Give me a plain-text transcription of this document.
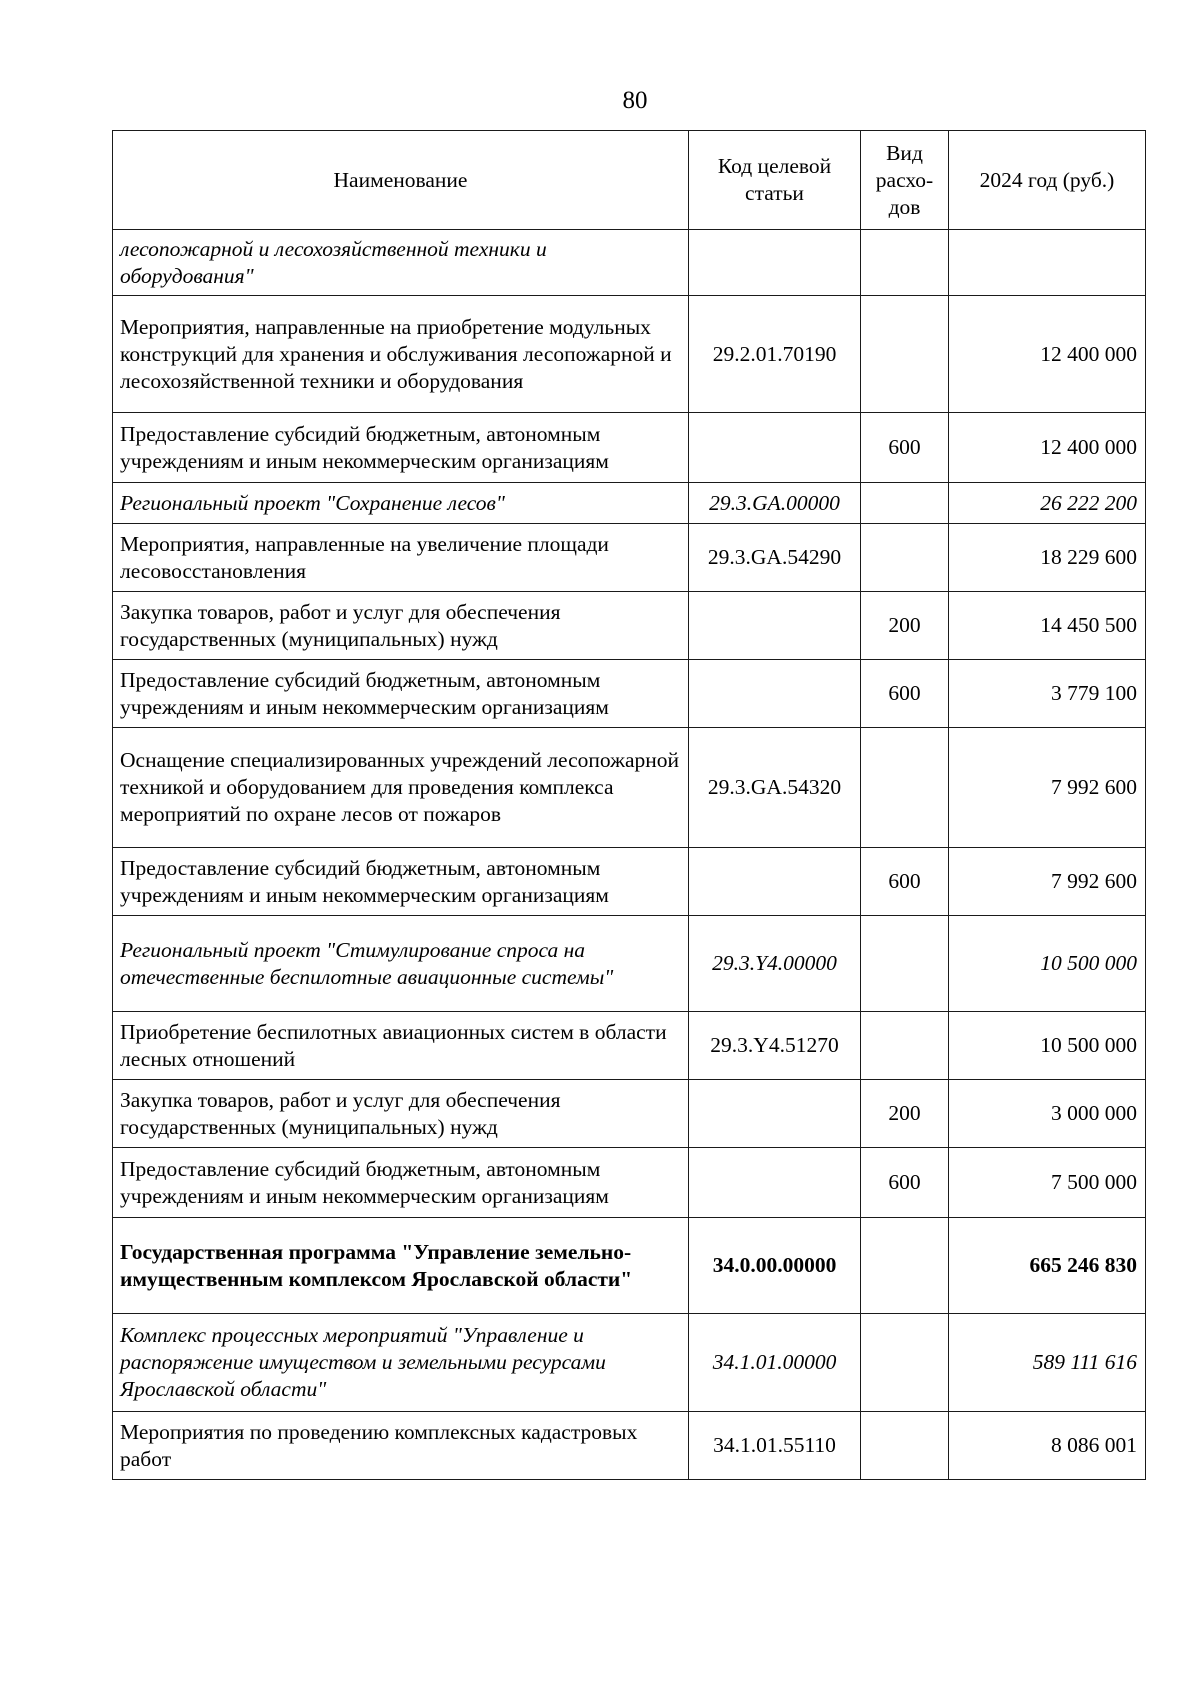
80
Наименование	Код целевой статьи	Вид расхо-дов	2024 год (руб.)
лесопожарной и лесохозяйственной техники и оборудования"			
Мероприятия, направленные на приобретение модульных конструкций для хранения и обслуживания лесопожарной и лесохозяйственной техники и оборудования	29.2.01.70190		12 400 000
Предоставление субсидий бюджетным, автономным учреждениям и иным некоммерческим организациям		600	12 400 000
Региональный проект "Сохранение лесов"	29.3.GA.00000		26 222 200
Мероприятия, направленные на увеличение площади лесовосстановления	29.3.GA.54290		18 229 600
Закупка товаров, работ и услуг для обеспечения государственных (муниципальных) нужд		200	14 450 500
Предоставление субсидий бюджетным, автономным учреждениям и иным некоммерческим организациям		600	3 779 100
Оснащение специализированных учреждений лесопожарной техникой и оборудованием для проведения комплекса мероприятий по охране лесов от пожаров	29.3.GA.54320		7 992 600
Предоставление субсидий бюджетным, автономным учреждениям и иным некоммерческим организациям		600	7 992 600
Региональный проект "Стимулирование спроса на отечественные беспилотные авиационные системы"	29.3.Y4.00000		10 500 000
Приобретение беспилотных авиационных систем в области лесных отношений	29.3.Y4.51270		10 500 000
Закупка товаров, работ и услуг для обеспечения государственных (муниципальных) нужд		200	3 000 000
Предоставление субсидий бюджетным, автономным учреждениям и иным некоммерческим организациям		600	7 500 000
Государственная программа "Управление земельно-имущественным комплексом Ярославской области"	34.0.00.00000		665 246 830
Комплекс процессных мероприятий "Управление и распоряжение имуществом и земельными ресурсами Ярославской области"	34.1.01.00000		589 111 616
Мероприятия по проведению комплексных кадастровых работ	34.1.01.55110		8 086 001
